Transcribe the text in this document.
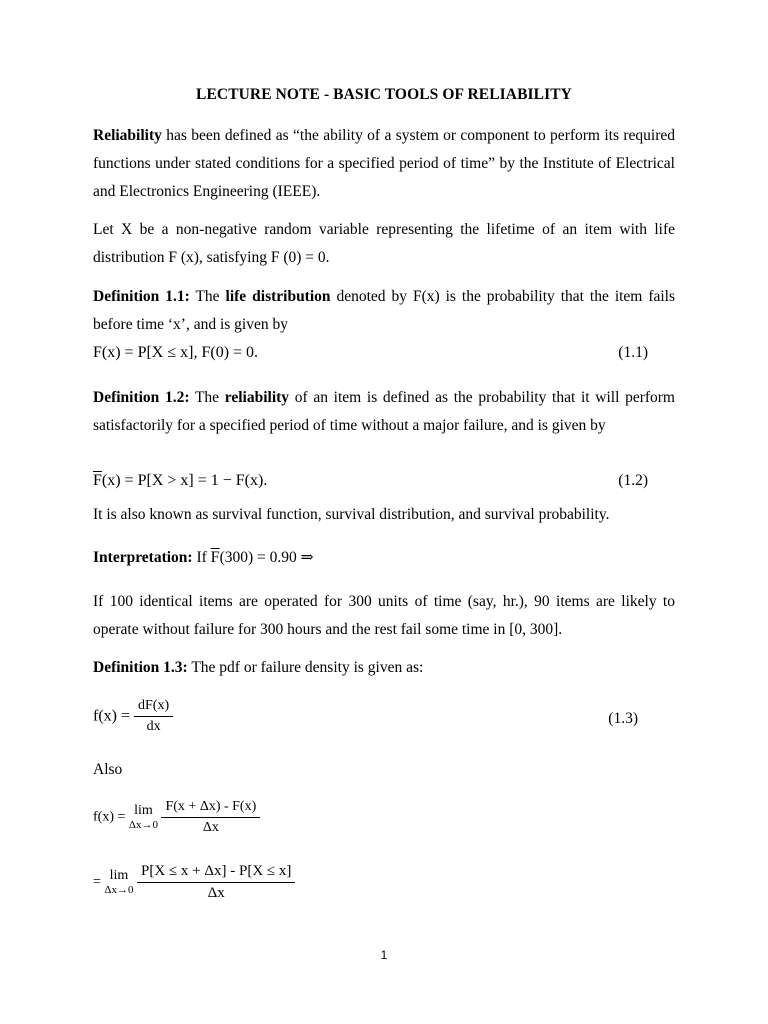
LECTURE NOTE - BASIC TOOLS OF RELIABILITY
Reliability has been defined as “the ability of a system or component to perform its required functions under stated conditions for a specified period of time” by the Institute of Electrical and Electronics Engineering (IEEE).
Let X be a non-negative random variable representing the lifetime of an item with life distribution F (x), satisfying F (0) = 0.
Definition 1.1: The life distribution denoted by F(x) is the probability that the item fails before time ‘x’, and is given by
F(x) = P[X ≤ x], F(0) = 0.	(1.1)
Definition 1.2: The reliability of an item is defined as the probability that it will perform satisfactorily for a specified period of time without a major failure, and is given by
$\overline{F}(x) = P[X > x] = 1 - F(x)$.	(1.2)
It is also known as survival function, survival distribution, and survival probability.
Interpretation: If $\overline{F}(300) = 0.90$ ⇒
If 100 identical items are operated for 300 units of time (say, hr.), 90 items are likely to operate without failure for 300 hours and the rest fail some time in [0, 300].
Definition 1.3: The pdf or failure density is given as:
$f(x) = \frac{dF(x)}{dx}$	(1.3)
Also
f(x) = lim
Δx→0
$\frac{F(x + \Delta x) - F(x)}{\Delta x}$
= lim
Δx→0
$\frac{P[X \le x + \Delta x] - P[X \le x]}{\Delta x}$
1
